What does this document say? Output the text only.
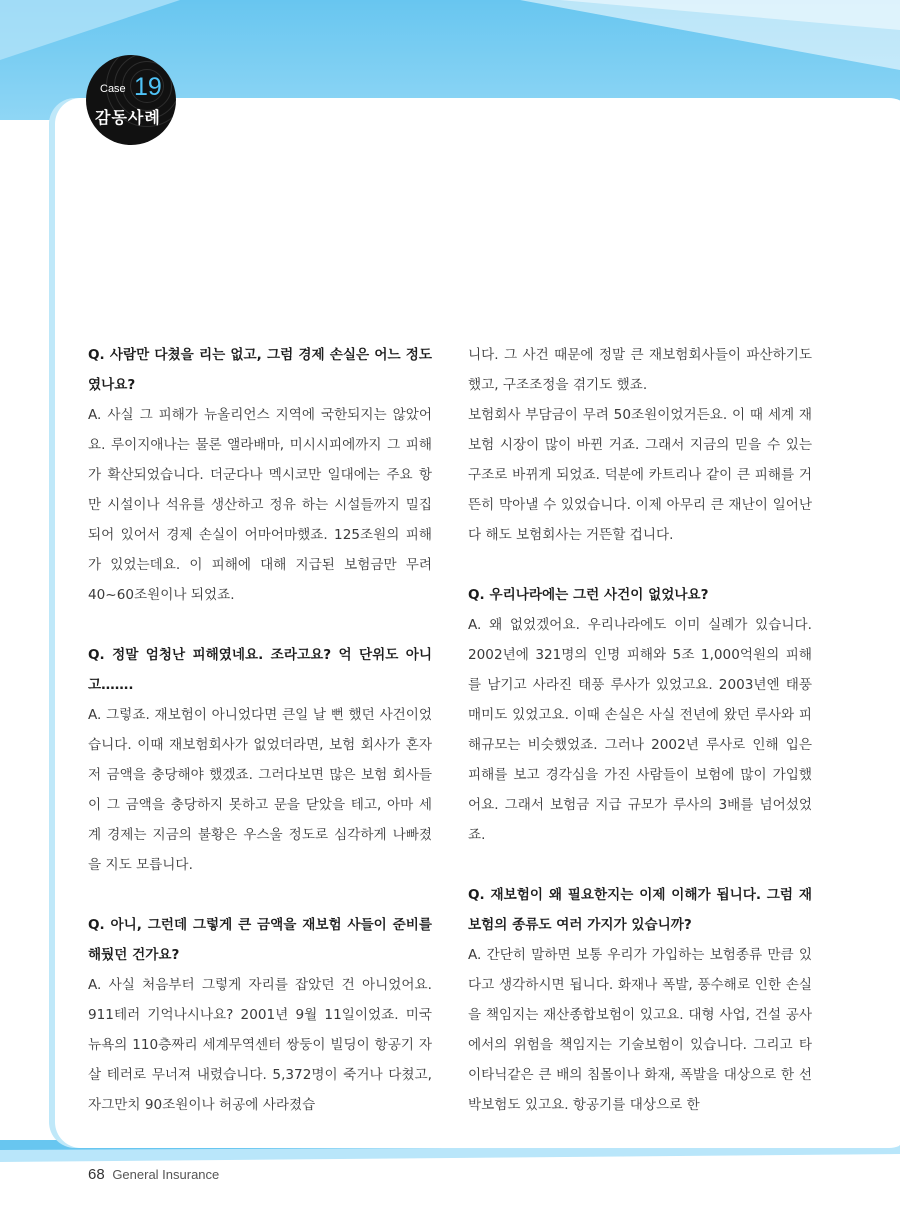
Case 19
감동사례

Q. 사람만 다쳤을 리는 없고, 그럼 경제 손실은 어느 정도였나요?

A. 사실 그 피해가 뉴올리언스 지역에 국한되지는 않았어요. 루이지애나는 물론 앨라배마, 미시시피에까지 그 피해가 확산되었습니다. 더군다나 멕시코만 일대에는 주요 항만 시설이나 석유를 생산하고 정유 하는 시설들까지 밀집되어 있어서 경제 손실이 어마어마했죠. 125조원의 피해가 있었는데요. 이 피해에 대해 지급된 보험금만 무려 40~60조원이나 되었죠.

Q. 정말 엄청난 피해였네요. 조라고요? 억 단위도 아니고…….

A. 그렇죠. 재보험이 아니었다면 큰일 날 뻔 했던 사건이었습니다. 이때 재보험회사가 없었더라면, 보험 회사가 혼자 저 금액을 충당해야 했겠죠. 그러다보면 많은 보험 회사들이 그 금액을 충당하지 못하고 문을 닫았을 테고, 아마 세계 경제는 지금의 불황은 우스울 정도로 심각하게 나빠졌을 지도 모릅니다.

Q. 아니, 그런데 그렇게 큰 금액을 재보험 사들이 준비를 해뒀던 건가요?

A. 사실 처음부터 그렇게 자리를 잡았던 건 아니었어요. 911테러 기억나시나요? 2001년 9월 11일이었죠. 미국 뉴욕의 110층짜리 세계무역센터 쌍둥이 빌딩이 항공기 자살 테러로 무너져 내렸습니다. 5,372명이 죽거나 다쳤고, 자그만치 90조원이나 허공에 사라졌습

니다. 그 사건 때문에 정말 큰 재보험회사들이 파산하기도 했고, 구조조정을 겪기도 했죠.

보험회사 부담금이 무려 50조원이었거든요. 이 때 세계 재보험 시장이 많이 바뀐 거죠. 그래서 지금의 믿을 수 있는 구조로 바뀌게 되었죠. 덕분에 카트리나 같이 큰 피해를 거뜬히 막아낼 수 있었습니다. 이제 아무리 큰 재난이 일어난다 해도 보험회사는 거뜬할 겁니다.

Q. 우리나라에는 그런 사건이 없었나요?

A. 왜 없었겠어요. 우리나라에도 이미 실례가 있습니다. 2002년에 321명의 인명 피해와 5조 1,000억원의 피해를 남기고 사라진 태풍 루사가 있었고요. 2003년엔 태풍 매미도 있었고요. 이때 손실은 사실 전년에 왔던 루사와 피해규모는 비슷했었죠. 그러나 2002년 루사로 인해 입은 피해를 보고 경각심을 가진 사람들이 보험에 많이 가입했어요. 그래서 보험금 지급 규모가 루사의 3배를 넘어섰었죠.

Q. 재보험이 왜 필요한지는 이제 이해가 됩니다. 그럼 재보험의 종류도 여러 가지가 있습니까?

A. 간단히 말하면 보통 우리가 가입하는 보험종류 만큼 있다고 생각하시면 됩니다. 화재나 폭발, 풍수해로 인한 손실을 책임지는 재산종합보험이 있고요. 대형 사업, 건설 공사에서의 위험을 책임지는 기술보험이 있습니다. 그리고 타이타닉같은 큰 배의 침몰이나 화재, 폭발을 대상으로 한 선박보험도 있고요. 항공기를 대상으로 한

68 General Insurance
